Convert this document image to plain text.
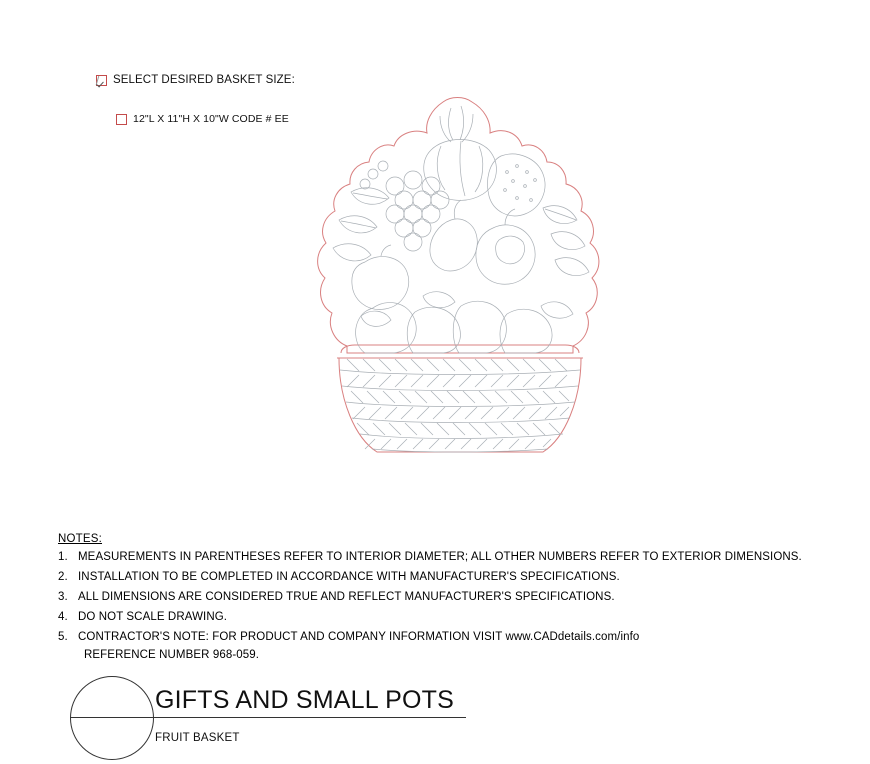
SELECT DESIRED BASKET SIZE:
12"L X 11"H X 10"W CODE # EE
NOTES:
1. MEASUREMENTS IN PARENTHESES REFER TO INTERIOR DIAMETER; ALL OTHER NUMBERS REFER TO EXTERIOR DIMENSIONS.
2. INSTALLATION TO BE COMPLETED IN ACCORDANCE WITH MANUFACTURER'S SPECIFICATIONS.
3. ALL DIMENSIONS ARE CONSIDERED TRUE AND REFLECT MANUFACTURER'S SPECIFICATIONS.
4. DO NOT SCALE DRAWING.
5. CONTRACTOR'S NOTE: FOR PRODUCT AND COMPANY INFORMATION VISIT www.CADdetails.com/info
REFERENCE NUMBER 968-059.
GIFTS AND SMALL POTS
FRUIT BASKET
